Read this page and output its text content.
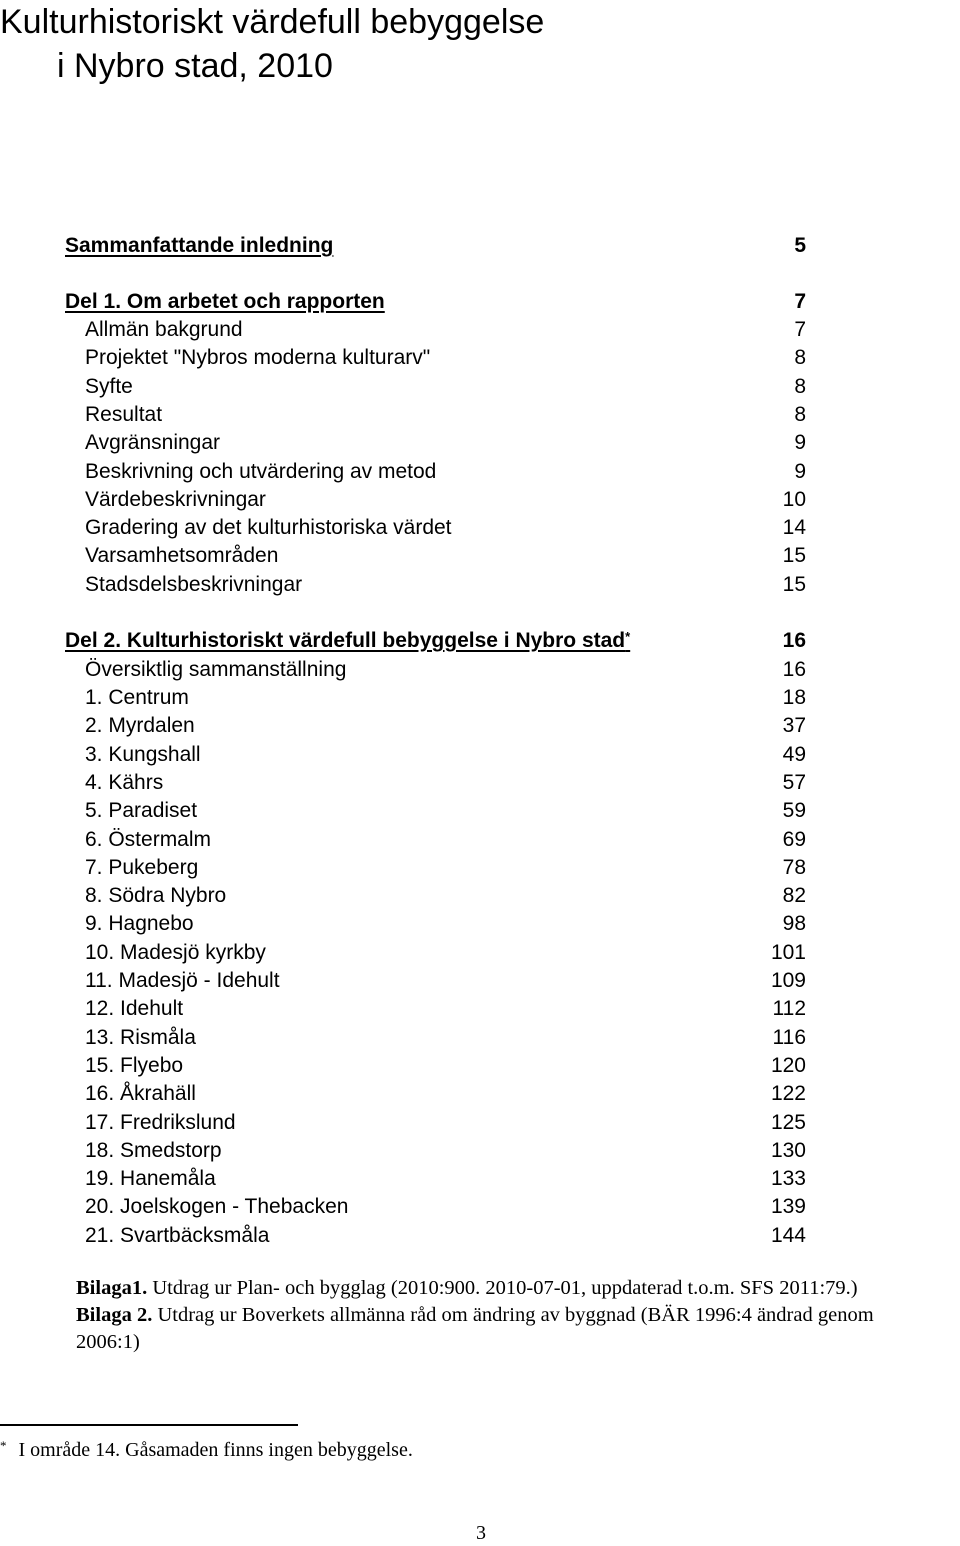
Kulturhistoriskt värdefull bebyggelse
i Nybro stad, 2010
Sammanfattande inledning	5
Del 1. Om arbetet och rapporten	7
Allmän bakgrund	7
Projektet "Nybros moderna kulturarv"	8
Syfte	8
Resultat	8
Avgränsningar	9
Beskrivning och utvärdering av metod	9
Värdebeskrivningar	10
Gradering av det kulturhistoriska värdet	14
Varsamhetsområden	15
Stadsdelsbeskrivningar	15
Del 2. Kulturhistoriskt värdefull bebyggelse i Nybro stad*	16
Översiktlig sammanställning	16
1. Centrum	18
2. Myrdalen	37
3. Kungshall	49
4. Kährs	57
5. Paradiset	59
6. Östermalm	69
7. Pukeberg	78
8. Södra Nybro	82
9. Hagnebo	98
10. Madesjö kyrkby	101
11. Madesjö - Idehult	109
12. Idehult	112
13. Rismåla	116
15. Flyebo	120
16. Åkrahäll	122
17. Fredrikslund	125
18. Smedstorp	130
19. Hanemåla	133
20. Joelskogen - Thebacken	139
21. Svartbäcksmåla	144
Bilaga1. Utdrag ur Plan- och bygglag (2010:900. 2010-07-01, uppdaterad t.o.m. SFS 2011:79.)
Bilaga 2. Utdrag ur Boverkets allmänna råd om ändring av byggnad (BÄR 1996:4 ändrad genom
2006:1)
* I område 14. Gåsamaden finns ingen bebyggelse.
3
